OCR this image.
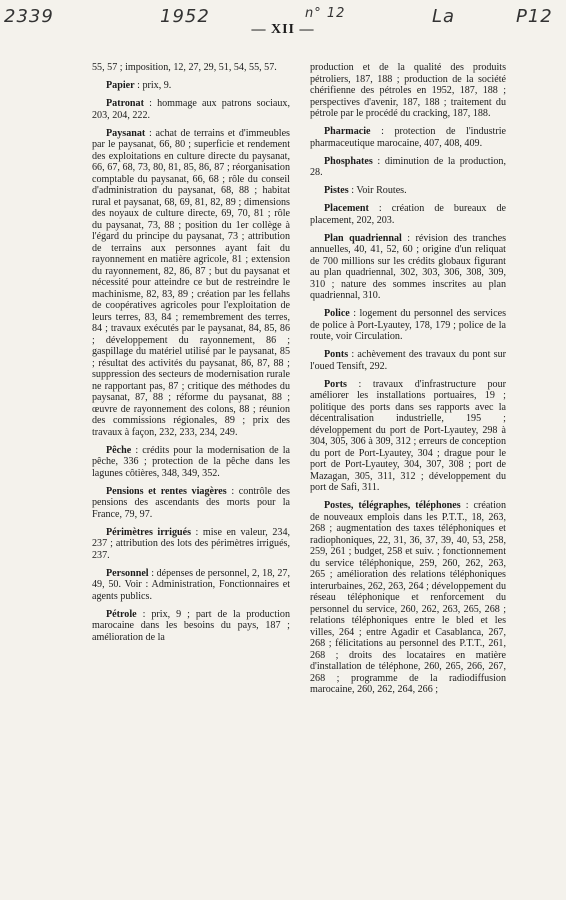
2339	1952	n° 12	La	P12
— XII —

55, 57 ; imposition, 12, 27, 29, 51, 54, 55, 57.

Papier : prix, 9.

Patronat : hommage aux patrons sociaux, 203, 204, 222.

Paysanat : achat de terrains et d'immeubles par le paysanat, 66, 80 ; superficie et rendement des exploitations en culture directe du paysanat, 66, 67, 68, 73, 80, 81, 85, 86, 87 ; réorganisation comptable du paysanat, 66, 68 ; rôle du conseil d'administration du paysanat, 68, 88 ; habitat rural et paysanat, 68, 69, 81, 82, 89 ; dimensions des noyaux de culture directe, 69, 70, 81 ; rôle du paysanat, 73, 88 ; position du 1er collège à l'égard du principe du paysanat, 73 ; attribution de terrains aux personnes ayant fait du rayonnement en matière agricole, 81 ; extension du rayonnement, 82, 86, 87 ; but du paysanat et nécessité pour atteindre ce but de restreindre le machinisme, 82, 83, 89 ; création par les fellahs de coopératives agricoles pour l'exploitation de leurs terres, 83, 84 ; remembrement des terres, 84 ; travaux exécutés par le paysanat, 84, 85, 86 ; développement du rayonnement, 86 ; gaspillage du matériel utilisé par le paysanat, 85 ; résultat des activités du paysanat, 86, 87, 88 ; suppression des secteurs de modernisation rurale ne rapportant pas, 87 ; critique des méthodes du paysanat, 87, 88 ; réforme du paysanat, 88 ; œuvre de rayonnement des colons, 88 ; réunion des commissions régionales, 89 ; prix des travaux à façon, 232, 233, 234, 249.

Pêche : crédits pour la modernisation de la pêche, 336 ; protection de la pêche dans les lagunes côtières, 348, 349, 352.

Pensions et rentes viagères : contrôle des pensions des ascendants des morts pour la France, 79, 97.

Périmètres irrigués : mise en valeur, 234, 237 ; attribution des lots des périmètres irrigués, 237.

Personnel : dépenses de personnel, 2, 18, 27, 49, 50. Voir : Administration, Fonctionnaires et agents publics.

Pétrole : prix, 9 ; part de la production marocaine dans les besoins du pays, 187 ; amélioration de la

production et de la qualité des produits pétroliers, 187, 188 ; production de la société chérifienne des pétroles en 1952, 187, 188 ; perspectives d'avenir, 187, 188 ; traitement du pétrole par le procédé du cracking, 187, 188.

Pharmacie : protection de l'industrie pharmaceutique marocaine, 407, 408, 409.

Phosphates : diminution de la production, 28.

Pistes : Voir Routes.

Placement : création de bureaux de placement, 202, 203.

Plan quadriennal : révision des tranches annuelles, 40, 41, 52, 60 ; origine d'un reliquat de 700 millions sur les crédits globaux figurant au plan quadriennal, 302, 303, 306, 308, 309, 310 ; nature des sommes inscrites au plan quadriennal, 310.

Police : logement du personnel des services de police à Port-Lyautey, 178, 179 ; police de la route, voir Circulation.

Ponts : achèvement des travaux du pont sur l'oued Tensift, 292.

Ports : travaux d'infrastructure pour améliorer les installations portuaires, 19 ; politique des ports dans ses rapports avec la décentralisation industrielle, 195 ; développement du port de Port-Lyautey, 298 à 304, 305, 306 à 309, 312 ; erreurs de conception du port de Port-Lyautey, 304 ; drague pour le port de Port-Lyautey, 304, 307, 308 ; port de Mazagan, 305, 311, 312 ; développement du port de Safi, 311.

Postes, télégraphes, téléphones : création de nouveaux emplois dans les P.T.T., 18, 263, 268 ; augmentation des taxes téléphoniques et radiophoniques, 22, 31, 36, 37, 39, 40, 53, 258, 259, 261 ; budget, 258 et suiv. ; fonctionnement du service téléphonique, 259, 260, 262, 263, 265 ; amélioration des relations téléphoniques interurbaines, 262, 263, 264 ; développement du réseau téléphonique et renforcement du personnel du service, 260, 262, 263, 265, 268 ; relations téléphoniques entre le bled et les villes, 264 ; entre Agadir et Casablanca, 267, 268 ; félicitations au personnel des P.T.T., 261, 268 ; droits des locataires en matière d'installation de téléphone, 260, 265, 266, 267, 268 ; programme de la radiodiffusion marocaine, 260, 262, 264, 266 ;
